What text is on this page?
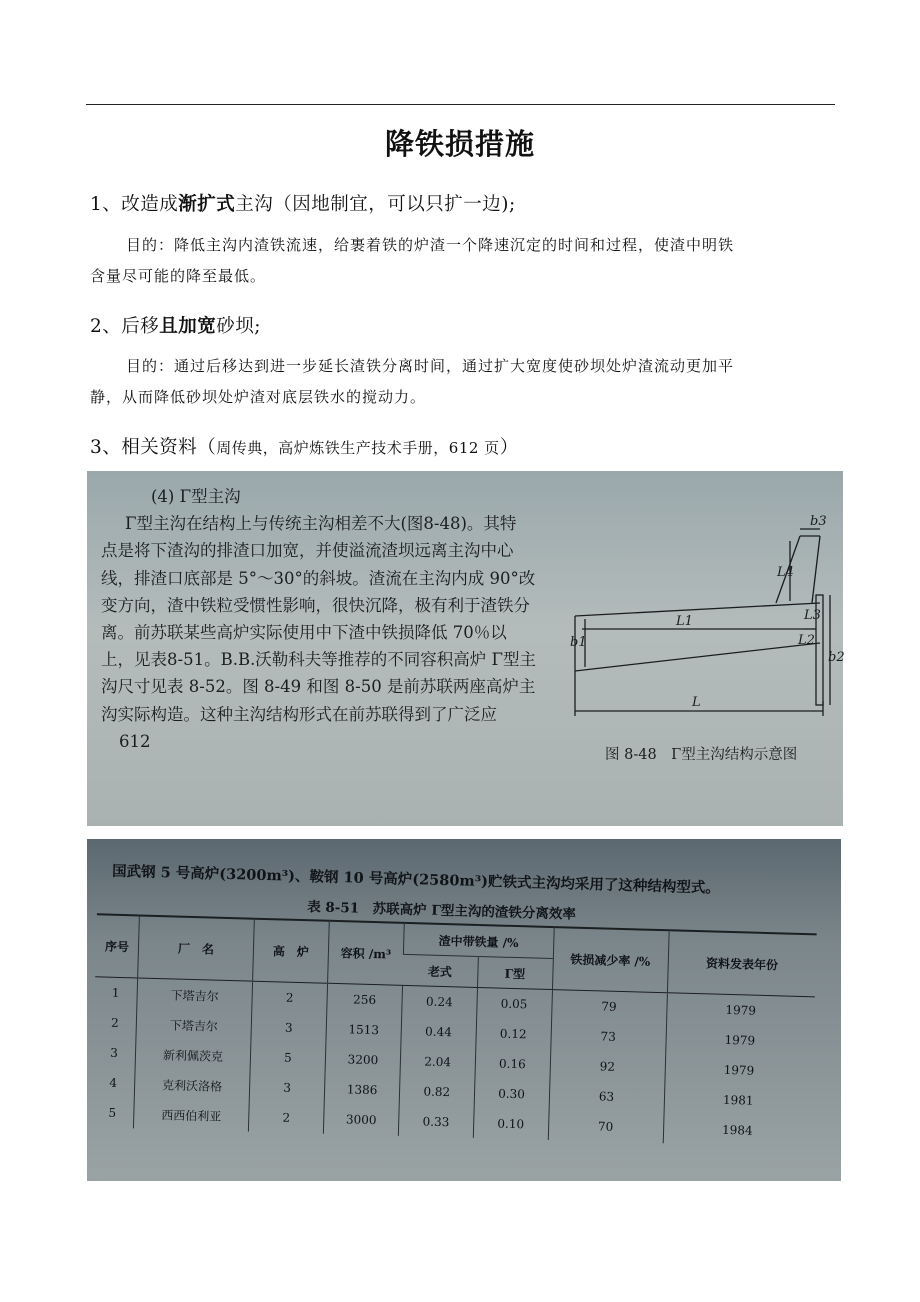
降铁损措施
1、改造成渐扩式主沟（因地制宜，可以只扩一边);
目的：降低主沟内渣铁流速，给裹着铁的炉渣一个降速沉定的时间和过程，使渣中明铁
含量尽可能的降至最低。
2、后移且加宽砂坝;
目的：通过后移达到进一步延长渣铁分离时间，通过扩大宽度使砂坝处炉渣流动更加平
静，从而降低砂坝处炉渣对底层铁水的搅动力。
3、相关资料（周传典，高炉炼铁生产技术手册，612 页）
(4) Γ型主沟
Γ型主沟在结构上与传统主沟相差不大(图8-48)。其特
点是将下渣沟的排渣口加宽，并使溢流渣坝远离主沟中心
线，排渣口底部是 5°～30°的斜坡。渣流在主沟内成 90°改
变方向，渣中铁粒受惯性影响，很快沉降，极有利于渣铁分
离。前苏联某些高炉实际使用中下渣中铁损降低 70％以
上，见表8-51。B.B.沃勒科夫等推荐的不同容积高炉 Γ型主
沟尺寸见表 8-52。图 8-49 和图 8-50 是前苏联两座高炉主
沟实际构造。这种主沟结构形式在前苏联得到了广泛应
612
b3
L4
b1
L1
L2
L3
b2
L
图 8-48　Γ型主沟结构示意图
国武钢 5 号高炉(3200m³)、鞍钢 10 号高炉(2580m³)贮铁式主沟均采用了这种结构型式。
表 8-51　苏联高炉 Γ型主沟的渣铁分离效率
序号	厂　名	高　炉	容积 /m³	渣中带铁量 /%		铁损减少率 /%	资料发表年份
				老式	Γ型		
1	下塔吉尔	2	256	0.24	0.05	79	1979
2	下塔吉尔	3	1513	0.44	0.12	73	1979
3	新利佩茨克	5	3200	2.04	0.16	92	1979
4	克利沃洛格	3	1386	0.82	0.30	63	1981
5	西西伯利亚	2	3000	0.33	0.10	70	1984
